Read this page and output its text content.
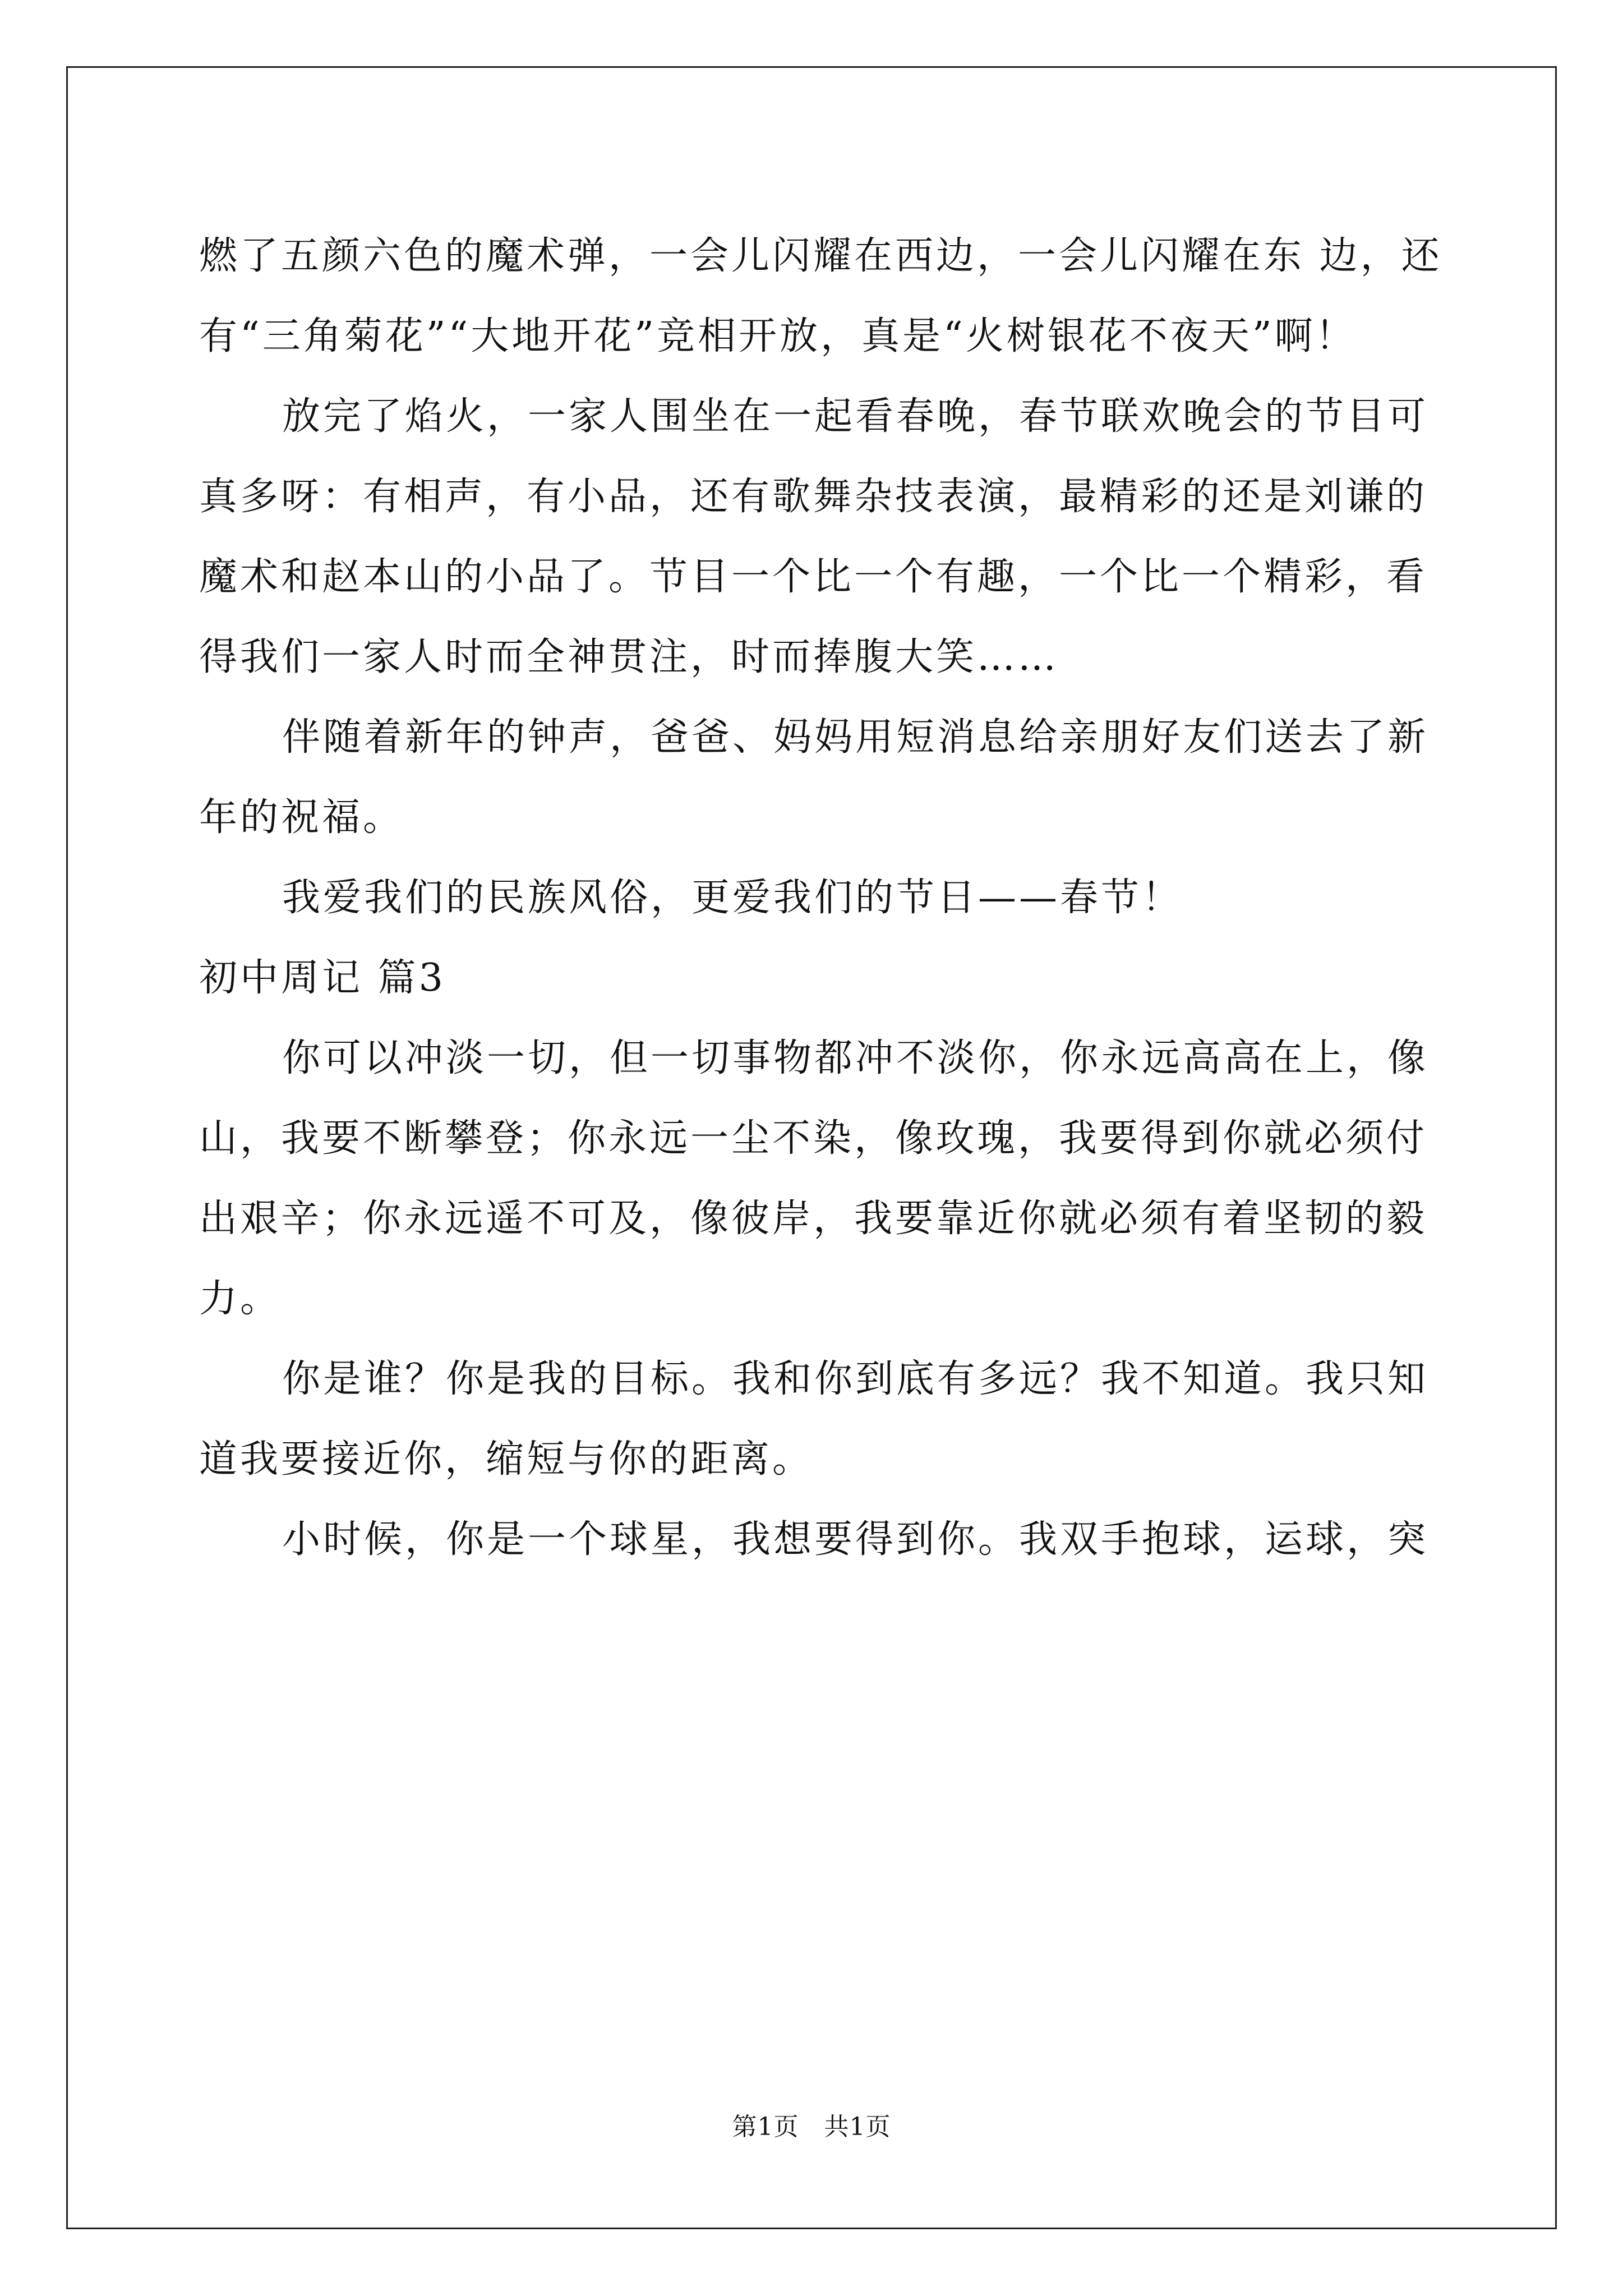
燃了五颜六色的魔术弹，一会儿闪耀在西边，一会儿闪耀在东 边，还
有“三角菊花”“大地开花”竞相开放，真是“火树银花不夜天”啊！
放完了焰火，一家人围坐在一起看春晚，春节联欢晚会的节目可
真多呀：有相声，有小品，还有歌舞杂技表演，最精彩的还是刘谦的
魔术和赵本山的小品了。节目一个比一个有趣，一个比一个精彩，看
得我们一家人时而全神贯注，时而捧腹大笑……
伴随着新年的钟声，爸爸、妈妈用短消息给亲朋好友们送去了新
年的祝福。
我爱我们的民族风俗，更爱我们的节日——春节！
初中周记 篇3
你可以冲淡一切，但一切事物都冲不淡你，你永远高高在上，像
山，我要不断攀登；你永远一尘不染，像玫瑰，我要得到你就必须付
出艰辛；你永远遥不可及，像彼岸，我要靠近你就必须有着坚韧的毅
力。
你是谁？你是我的目标。我和你到底有多远？我不知道。我只知
道我要接近你，缩短与你的距离。
小时候，你是一个球星，我想要得到你。我双手抱球，运球，突
第1页　共1页
